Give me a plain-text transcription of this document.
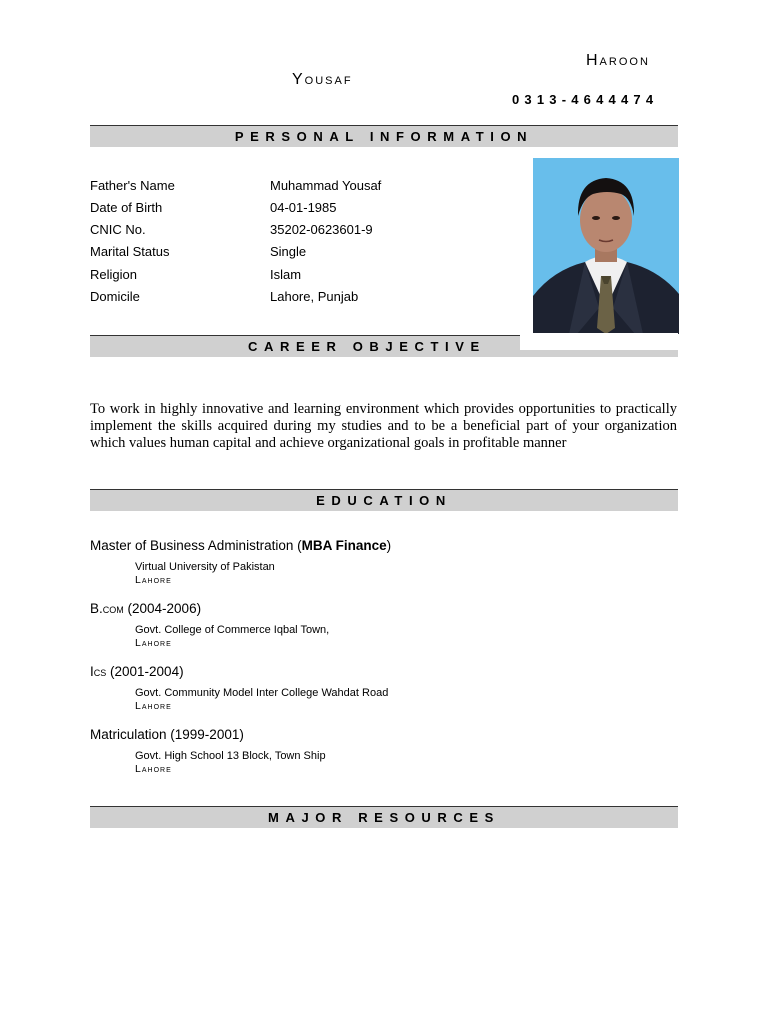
Haroon
Yousaf
0313-4644474
PERSONAL INFORMATION
Father's Name	Muhammad Yousaf
Date of Birth	04-01-1985
CNIC No.	35202-0623601-9
Marital Status	Single
Religion	Islam
Domicile	Lahore, Punjab
CAREER OBJECTIVE
To work in highly innovative and learning environment which provides opportunities to practically implement the skills acquired during my studies and to be a beneficial part of your organization which values human capital and achieve organizational goals in profitable manner
EDUCATION
Master of Business Administration (MBA Finance)
Virtual University of Pakistan
Lahore
B.com (2004-2006)
Govt. College of Commerce Iqbal Town,
Lahore
Ics (2001-2004)
Govt. Community Model Inter College Wahdat Road
Lahore
Matriculation (1999-2001)
Govt. High School 13 Block, Town Ship
Lahore
MAJOR RESOURCES
